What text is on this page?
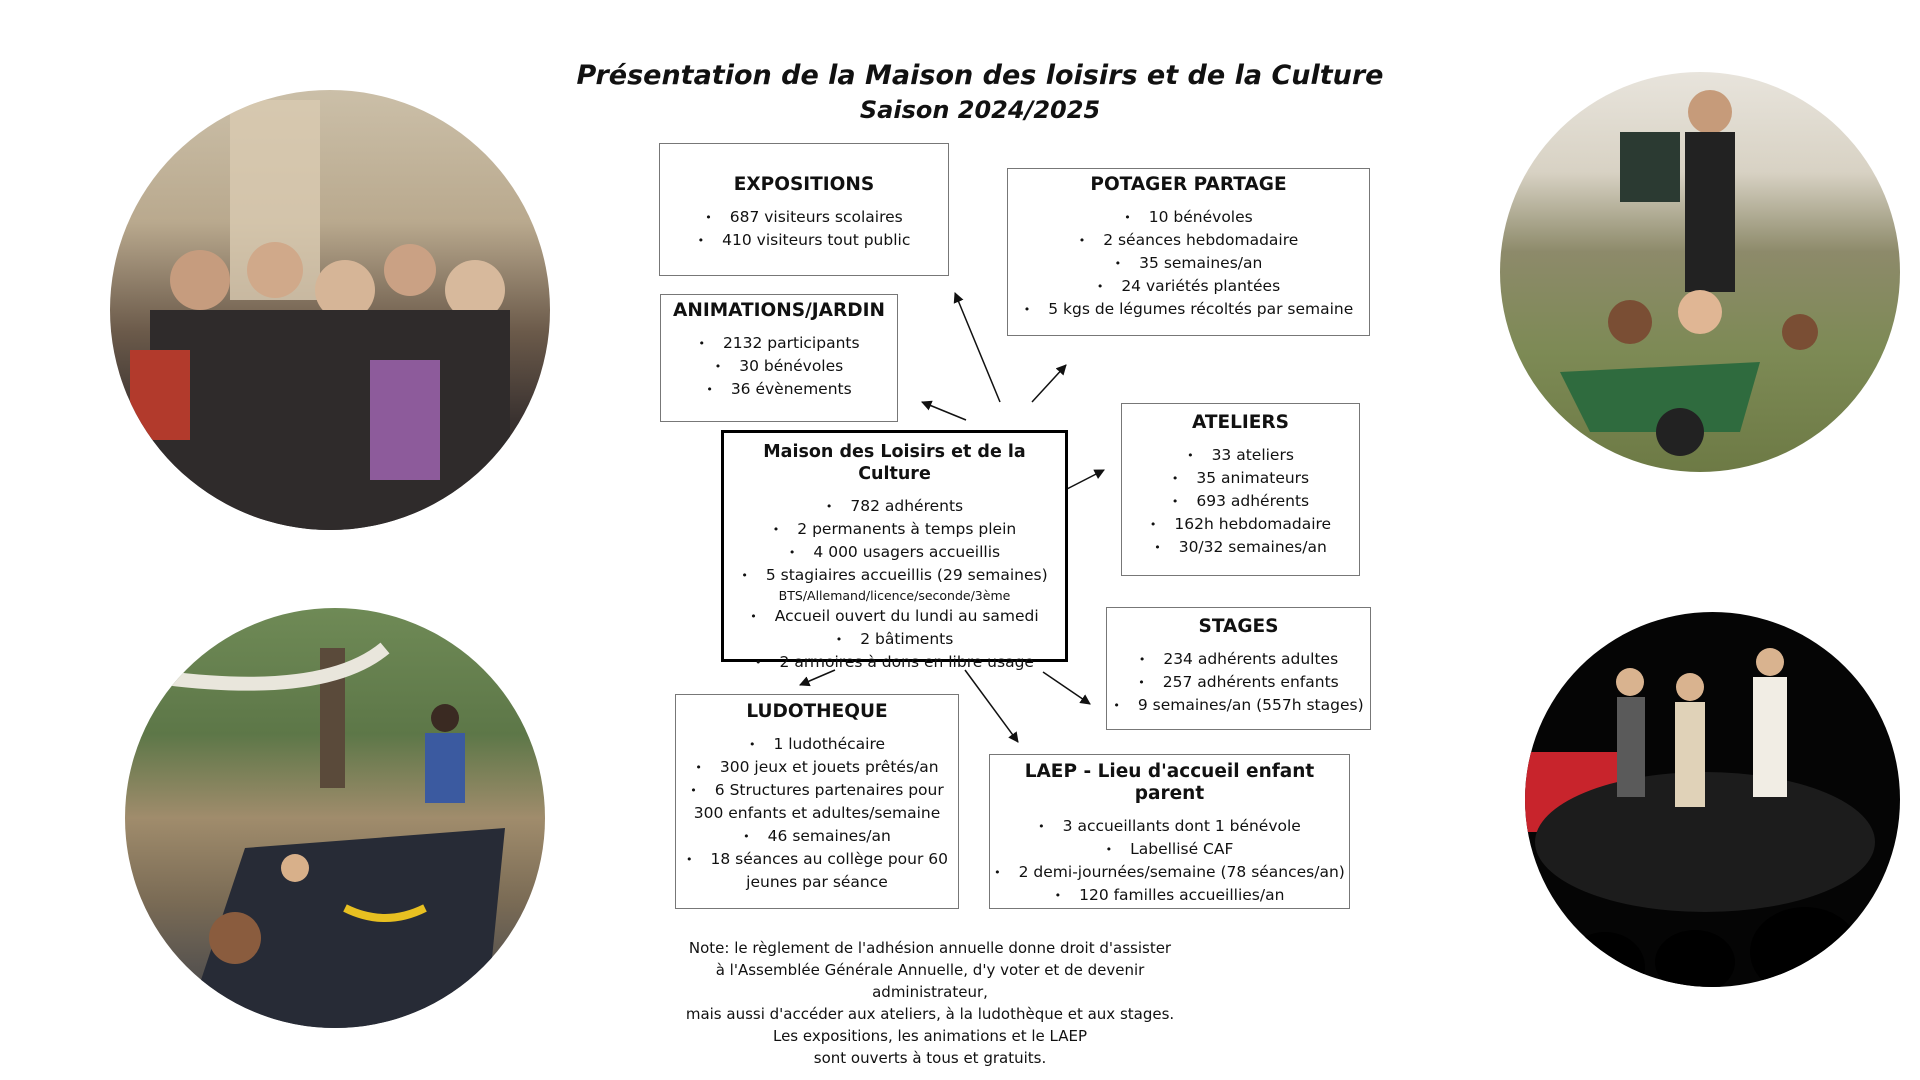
Présentation de la Maison des loisirs et de la Culture
Saison 2024/2025
EXPOSITIONS
• 687 visiteurs scolaires
• 410 visiteurs tout public
POTAGER PARTAGE
• 10 bénévoles
• 2 séances hebdomadaire
• 35 semaines/an
• 24 variétés plantées
• 5 kgs de légumes récoltés par semaine
ANIMATIONS/JARDIN
• 2132 participants
• 30 bénévoles
• 36 évènements
Maison des Loisirs et de la Culture
• 782 adhérents
• 2 permanents à temps plein
• 4 000 usagers accueillis
• 5 stagiaires accueillis (29 semaines)
BTS/Allemand/licence/seconde/3ème
• Accueil ouvert du lundi au samedi
• 2 bâtiments
• 2 armoires à dons en libre usage
ATELIERS
• 33 ateliers
• 35 animateurs
• 693 adhérents
• 162h hebdomadaire
• 30/32 semaines/an
STAGES
• 234 adhérents adultes
• 257 adhérents enfants
• 9 semaines/an (557h stages)
LUDOTHEQUE
• 1 ludothécaire
• 300 jeux et jouets prêtés/an
• 6 Structures partenaires pour
300 enfants et adultes/semaine
• 46 semaines/an
• 18 séances au collège pour 60
jeunes par séance
LAEP - Lieu d'accueil enfant parent
• 3 accueillants dont 1 bénévole
• Labellisé CAF
• 2 demi-journées/semaine (78 séances/an)
• 120 familles accueillies/an
Note: le règlement de l'adhésion annuelle donne droit d'assister
à l'Assemblée Générale Annuelle, d'y voter et de devenir administrateur,
mais aussi d'accéder aux ateliers, à la ludothèque et aux stages.
Les expositions, les animations et le LAEP
sont ouverts à tous et gratuits.
